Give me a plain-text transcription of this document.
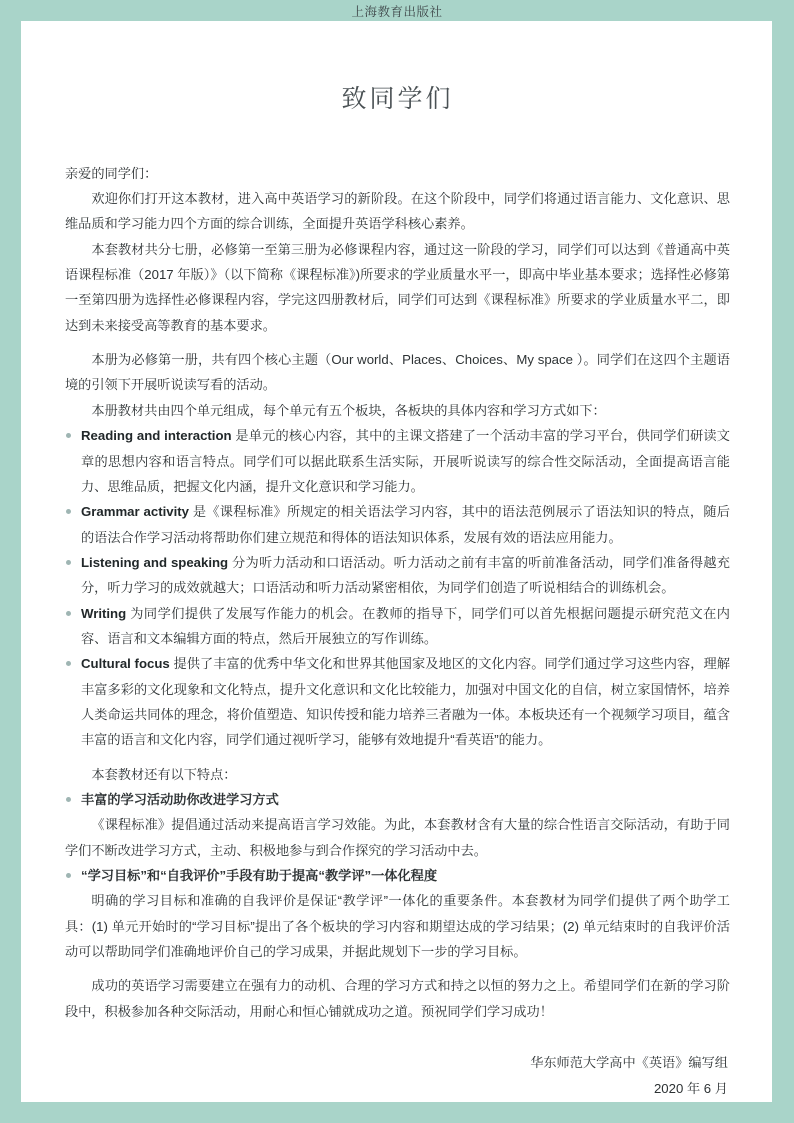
上海教育出版社
致同学们
亲爱的同学们：

欢迎你们打开这本教材，进入高中英语学习的新阶段。在这个阶段中，同学们将通过语言能力、文化意识、思维品质和学习能力四个方面的综合训练，全面提升英语学科核心素养。

本套教材共分七册，必修第一至第三册为必修课程内容，通过这一阶段的学习，同学们可以达到《普通高中英语课程标准（2017 年版）》（以下简称《课程标准》)所要求的学业质量水平一，即高中毕业基本要求；选择性必修第一至第四册为选择性必修课程内容，学完这四册教材后，同学们可达到《课程标准》所要求的学业质量水平二，即达到未来接受高等教育的基本要求。

本册为必修第一册，共有四个核心主题（Our world、Places、Choices、My space ）。同学们在这四个主题语境的引领下开展听说读写看的活动。

本册教材共由四个单元组成，每个单元有五个板块，各板块的具体内容和学习方式如下：

Reading and interaction 是单元的核心内容，其中的主课文搭建了一个活动丰富的学习平台，供同学们研读文章的思想内容和语言特点。同学们可以据此联系生活实际，开展听说读写的综合性交际活动，全面提高语言能力、思维品质，把握文化内涵，提升文化意识和学习能力。
Grammar activity 是《课程标准》所规定的相关语法学习内容，其中的语法范例展示了语法知识的特点，随后的语法合作学习活动将帮助你们建立规范和得体的语法知识体系，发展有效的语法应用能力。
Listening and speaking 分为听力活动和口语活动。听力活动之前有丰富的听前准备活动，同学们准备得越充分，听力学习的成效就越大；口语活动和听力活动紧密相依，为同学们创造了听说相结合的训练机会。
Writing 为同学们提供了发展写作能力的机会。在教师的指导下，同学们可以首先根据问题提示研究范文在内容、语言和文本编辑方面的特点，然后开展独立的写作训练。
Cultural focus 提供了丰富的优秀中华文化和世界其他国家及地区的文化内容。同学们通过学习这些内容，理解丰富多彩的文化现象和文化特点，提升文化意识和文化比较能力，加强对中国文化的自信，树立家国情怀，培养人类命运共同体的理念，将价值塑造、知识传授和能力培养三者融为一体。本板块还有一个视频学习项目，蕴含丰富的语言和文化内容，同学们通过视听学习，能够有效地提升“看英语”的能力。

本套教材还有以下特点：

丰富的学习活动助你改进学习方式

《课程标准》提倡通过活动来提高语言学习效能。为此，本套教材含有大量的综合性语言交际活动，有助于同学们不断改进学习方式，主动、积极地参与到合作探究的学习活动中去。

“学习目标”和“自我评价”手段有助于提高“教学评”一体化程度

明确的学习目标和准确的自我评价是保证“教学评”一体化的重要条件。本套教材为同学们提供了两个助学工具：(1) 单元开始时的“学习目标”提出了各个板块的学习内容和期望达成的学习结果；(2) 单元结束时的自我评价活动可以帮助同学们准确地评价自己的学习成果，并据此规划下一步的学习目标。

成功的英语学习需要建立在强有力的动机、合理的学习方式和持之以恒的努力之上。希望同学们在新的学习阶段中，积极参加各种交际活动，用耐心和恒心铺就成功之道。预祝同学们学习成功！

华东师范大学高中《英语》编写组
2020 年 6 月
